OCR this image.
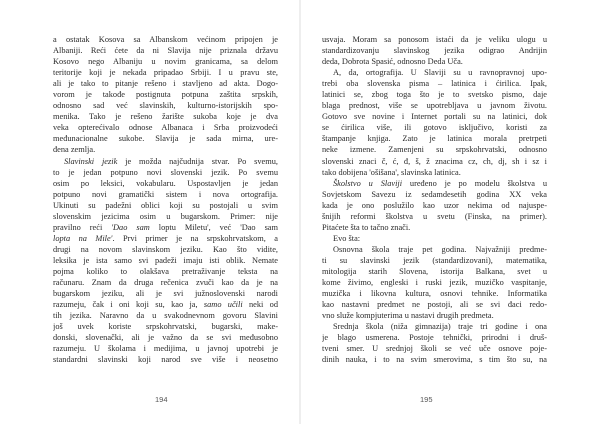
a ostatak Kosova sa Albanskom većinom pripojen je
Albaniji. Reći ćete da ni Slavija nije priznala državu
Kosovo nego Albaniju u novim granicama, sa delom
teritorije koji je nekada pripadao Srbiji. I u pravu ste,
ali je tako to pitanje rešeno i stavljeno ad akta. Dogo-
vorom je takođe postignuta potpuna zaštita srpskih,
odnosno sad već slavinskih, kulturno-istorijskih spo-
menika. Tako je rešeno žarište sukoba koje je dva
veka opterećivalo odnose Albanaca i Srba proizvodeći
međunacionalne sukobe. Slavija je sada mirna, ure-
đena zemlja.
Slavinski jezik je možda najčudnija stvar. Po svemu,
to je jedan potpuno novi slovenski jezik. Po svemu
osim po leksici, vokabularu. Uspostavljen je jedan
potpuno novi gramatički sistem i nova ortografija.
Ukinuti su padežni oblici koji su postojali u svim
slovenskim jezicima osim u bugarskom. Primer: nije
pravilno reći 'Dao sam loptu Miletu', već 'Dao sam
lopta na Mile'. Prvi primer je na srpskohrvatskom, a
drugi na novom slavinskom jeziku. Kao što vidite,
leksika je ista samo svi padeži imaju isti oblik. Nemate
pojma koliko to olakšava pretraživanje teksta na
računaru. Znam da druga rečenica zvuči kao da je na
bugarskom jeziku, ali je svi južnoslovenski narodi
razumeju, čak i oni koji su, kao ja, samo učili neki od
tih jezika. Naravno da u svakodnevnom govoru Slavini
još uvek koriste srpskohrvatski, bugarski, make-
donski, slovenački, ali je važno da se svi međusobno
razumeju. U školama i medijima, u javnoj upotrebi je
standardni slavinski koji narod sve više i neosetno
usvaja. Moram sa ponosom istaći da je veliku ulogu u
standardizovanju slavinskog jezika odigrao Andrijin
deda, Dobrota Spasić, odnosno Deda Uča.
A, da, ortografija. U Slaviji su u ravnopravnoj upo-
trebi oba slovenska pisma – latinica i ćirilica. Ipak,
latinici se, zbog toga što je to svetsko pismo, daje
blaga prednost, više se upotrebljava u javnom životu.
Gotovo sve novine i Internet portali su na latinici, dok
se ćirilica više, ili gotovo isključivo, koristi za
štampanje knjiga. Zato je latinica morala pretrpeti
neke izmene. Zamenjeni su srpskohrvatski, odnosno
slovenski znaci č, ć, đ, š, ž znacima cz, ch, dj, sh i sz i
tako dobijena 'ošišana', slavinska latinica.
Školstvo u Slaviji uređeno je po modelu školstva u
Sovjetskom Savezu iz sedamdesetih godina XX veka
kada je ono poslužilo kao uzor nekima od najuspe-
šnijih reformi školstva u svetu (Finska, na primer).
Pitaćete šta to tačno znači.
Evo šta:
Osnovna škola traje pet godina. Najvažniji predme-
ti su slavinski jezik (standardizovani), matematika,
mitologija starih Slovena, istorija Balkana, svet u
kome živimo, engleski i ruski jezik, muzičko vaspitanje,
muzička i likovna kultura, osnovi tehnike. Informatika
kao nastavni predmet ne postoji, ali se svi đaci redo-
vno služe kompjuterima u nastavi drugih predmeta.
Srednja škola (niža gimnazija) traje tri godine i ona
je blago usmerena. Postoje tehnički, prirodni i druš-
tveni smer. U srednjoj školi se već uče osnove poje-
dinih nauka, i to na svim smerovima, s tim što su, na
194	195
